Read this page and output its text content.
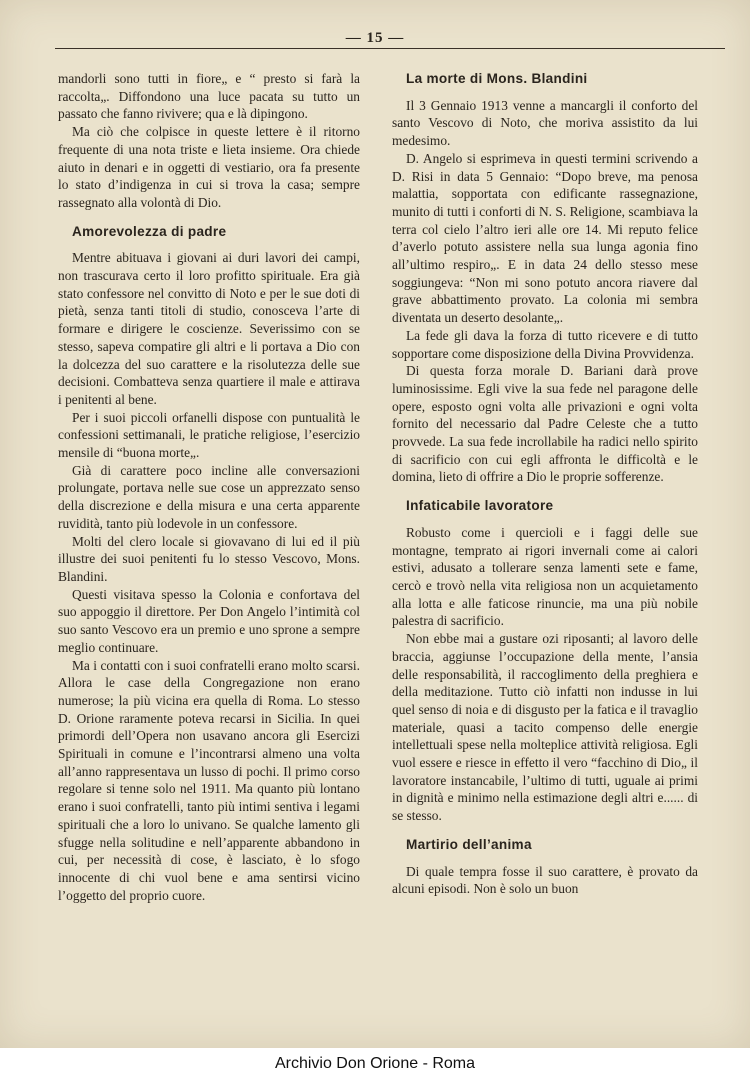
— 15 —

mandorli sono tutti in fiore„ e “ presto si farà la raccolta„. Diffondono una luce pacata su tutto un passato che fanno rivivere; qua e là dipingono.

Ma ciò che colpisce in queste lettere è il ritorno frequente di una nota triste e lieta insieme. Ora chiede aiuto in denari e in oggetti di vestiario, ora fa presente lo stato d’indigenza in cui si trova la casa; sempre rassegnato alla volontà di Dio.

Amorevolezza di padre

Mentre abituava i giovani ai duri lavori dei campi, non trascurava certo il loro profitto spirituale. Era già stato confessore nel convitto di Noto e per le sue doti di pietà, senza tanti titoli di studio, conosceva l’arte di formare e dirigere le coscienze. Severissimo con se stesso, sapeva compatire gli altri e li portava a Dio con la dolcezza del suo carattere e la risolutezza delle sue decisioni. Combatteva senza quartiere il male e attirava i penitenti al bene.

Per i suoi piccoli orfanelli dispose con puntualità le confessioni settimanali, le pratiche religiose, l’esercizio mensile di “buona morte„.

Già di carattere poco incline alle conversazioni prolungate, portava nelle sue cose un apprezzato senso della discrezione e della misura e una certa apparente ruvidità, tanto più lodevole in un confessore.

Molti del clero locale si giovavano di lui ed il più illustre dei suoi penitenti fu lo stesso Vescovo, Mons. Blandini.

Questi visitava spesso la Colonia e confortava del suo appoggio il direttore. Per Don Angelo l’intimità col suo santo Vescovo era un premio e uno sprone a sempre meglio continuare.

Ma i contatti con i suoi confratelli erano molto scarsi. Allora le case della Congregazione non erano numerose; la più vicina era quella di Roma. Lo stesso D. Orione raramente poteva recarsi in Sicilia. In quei primordi dell’Opera non usavano ancora gli Esercizi Spirituali in comune e l’incontrarsi almeno una volta all’anno rappresentava un lusso di pochi. Il primo corso regolare si tenne solo nel 1911. Ma quanto più lontano erano i suoi confratelli, tanto più intimi sentiva i legami spirituali che a loro lo univano. Se qualche lamento gli sfugge nella solitudine e nell’apparente abbandono in cui, per necessità di cose, è lasciato, è lo sfogo innocente di chi vuol bene e ama sentirsi vicino l’oggetto del proprio cuore.

La morte di Mons. Blandini

Il 3 Gennaio 1913 venne a mancargli il conforto del santo Vescovo di Noto, che moriva assistito da lui medesimo.

D. Angelo si esprimeva in questi termini scrivendo a D. Risi in data 5 Gennaio: “Dopo breve, ma penosa malattia, sopportata con edificante rassegnazione, munito di tutti i conforti di N. S. Religione, scambiava la terra col cielo l’altro ieri alle ore 14. Mi reputo felice d’averlo potuto assistere nella sua lunga agonia fino all’ultimo respiro„. E in data 24 dello stesso mese soggiungeva: “Non mi sono potuto ancora riavere dal grave abbattimento provato. La colonia mi sembra diventata un deserto desolante„.

La fede gli dava la forza di tutto ricevere e di tutto sopportare come disposizione della Divina Provvidenza.

Di questa forza morale D. Bariani darà prove luminosissime. Egli vive la sua fede nel paragone delle opere, esposto ogni volta alle privazioni e ogni volta fornito del necessario dal Padre Celeste che a tutto provvede. La sua fede incrollabile ha radici nello spirito di sacrificio con cui egli affronta le difficoltà e le domina, lieto di offrire a Dio le proprie sofferenze.

Infaticabile lavoratore

Robusto come i quercioli e i faggi delle sue montagne, temprato ai rigori invernali come ai calori estivi, adusato a tollerare senza lamenti sete e fame, cercò e trovò nella vita religiosa non un acquietamento alla lotta e alle faticose rinuncie, ma una più nobile palestra di sacrificio.

Non ebbe mai a gustare ozi riposanti; al lavoro delle braccia, aggiunse l’occupazione della mente, l’ansia delle responsabilità, il raccoglimento della preghiera e della meditazione. Tutto ciò infatti non indusse in lui quel senso di noia e di disgusto per la fatica e il travaglio materiale, quasi a tacito compenso delle energie intellettuali spese nella molteplice attività religiosa. Egli vuol essere e riesce in effetto il vero “facchino di Dio„ il lavoratore instancabile, l’ultimo di tutti, uguale ai primi in dignità e minimo nella estimazione degli altri e...... di se stesso.

Martirio dell’anima

Di quale tempra fosse il suo carattere, è provato da alcuni episodi. Non è solo un buon

Archivio Don Orione - Roma
